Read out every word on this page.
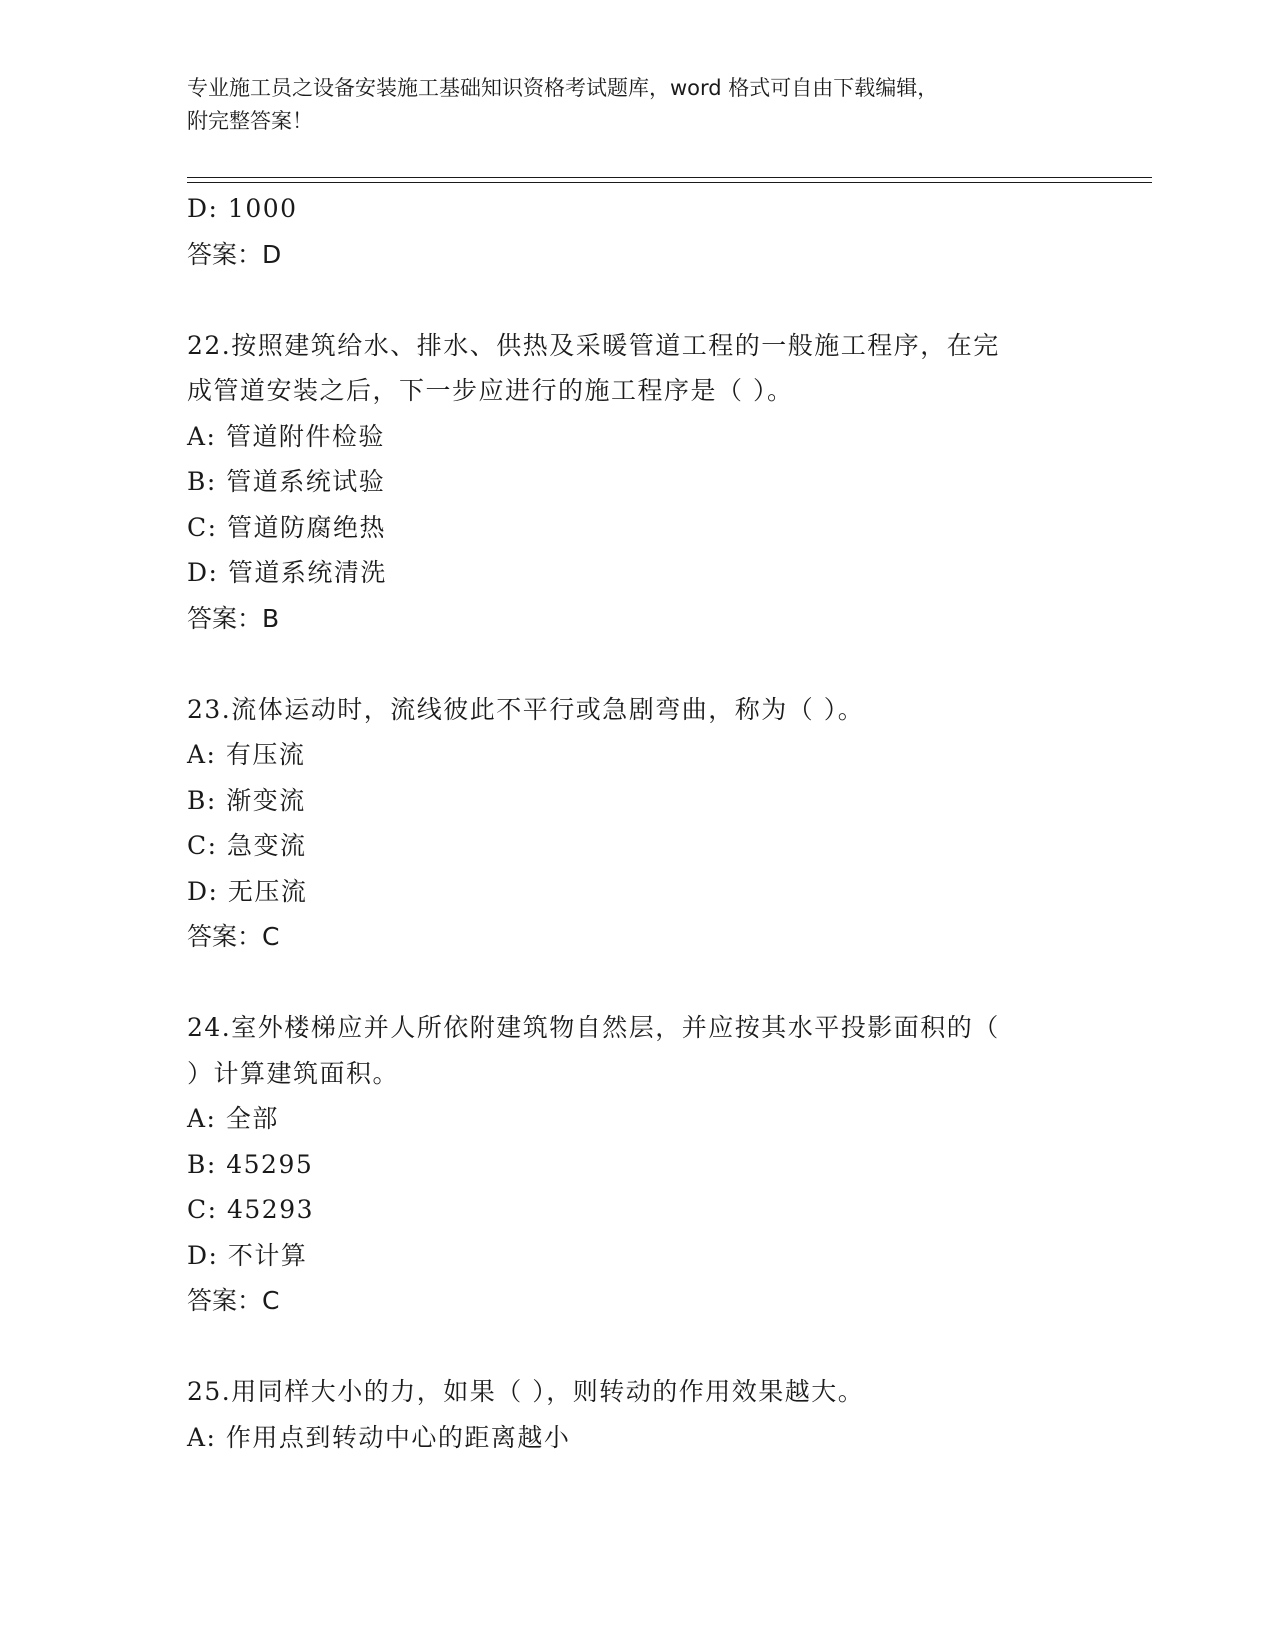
专业施工员之设备安装施工基础知识资格考试题库，word 格式可自由下载编辑，
附完整答案！
D: 1000
答案：D
22.按照建筑给水、排水、供热及采暖管道工程的一般施工程序，在完
成管道安装之后，下一步应进行的施工程序是（ ）。
A: 管道附件检验
B: 管道系统试验
C: 管道防腐绝热
D: 管道系统清洗
答案：B
23.流体运动时，流线彼此不平行或急剧弯曲，称为（ ）。
A: 有压流
B: 渐变流
C: 急变流
D: 无压流
答案：C
24.室外楼梯应并人所依附建筑物自然层，并应按其水平投影面积的（
）计算建筑面积。
A: 全部
B: 45295
C: 45293
D: 不计算
答案：C
25.用同样大小的力，如果（ ），则转动的作用效果越大。
A: 作用点到转动中心的距离越小
